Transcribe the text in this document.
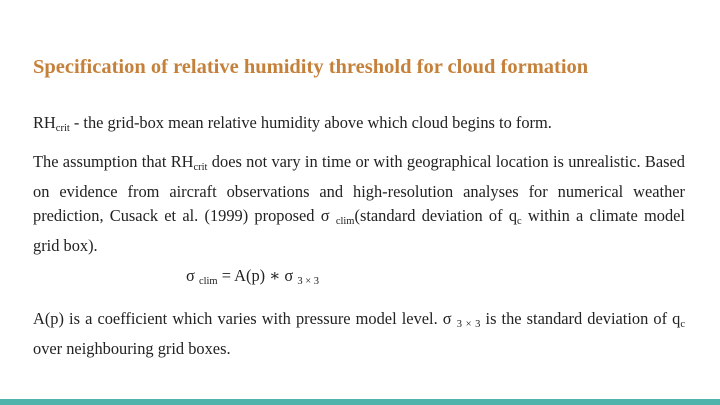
Specification of relative humidity threshold for cloud formation
$RH_{crit}$ - the grid-box mean relative humidity above which cloud begins to form.
The assumption that $RH_{crit}$ does not vary in time or with geographical location is unrealistic. Based on evidence from aircraft observations and high-resolution analyses for numerical weather prediction, Cusack et al. (1999) proposed σ $_{clim}$(standard deviation of $q_c$ within a climate model grid box).
σ $_{clim}$ = A(p) ∗ σ $_{3 \times 3}$
A(p) is a coefficient which varies with pressure model level. σ $_{3 \times 3}$ is the standard deviation of $q_c$ over neighbouring grid boxes.
